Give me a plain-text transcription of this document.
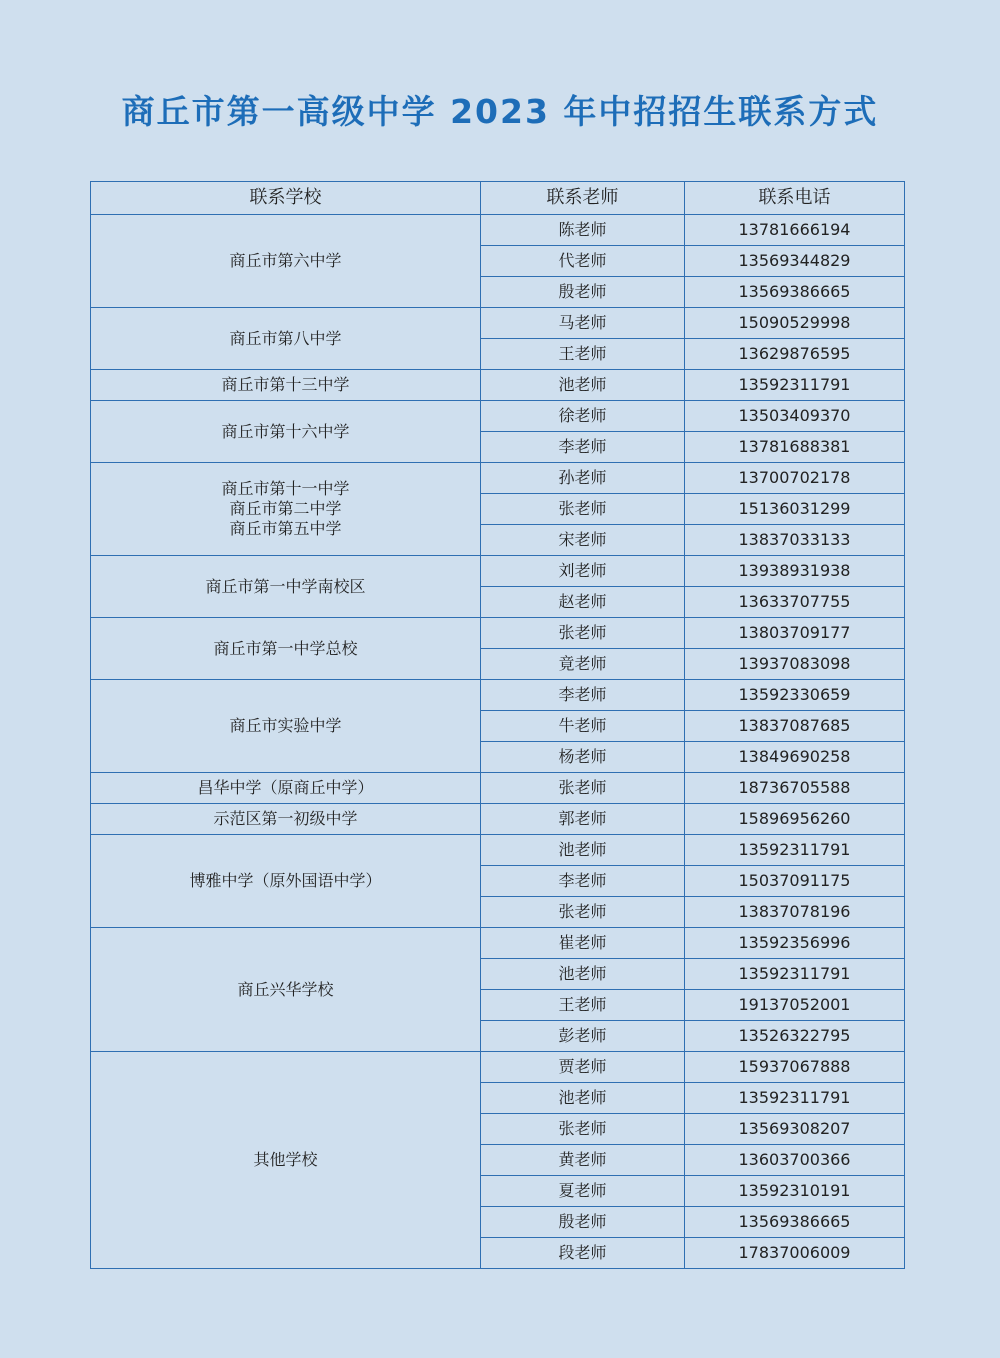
商丘市第一高级中学 2023 年中招招生联系方式
联系学校	联系老师	联系电话

商丘市第六中学	陈老师	13781666194
	代老师	13569344829
	殷老师	13569386665

商丘市第八中学	马老师	15090529998
	王老师	13629876595

商丘市第十三中学	池老师	13592311791

商丘市第十六中学	徐老师	13503409370
	李老师	13781688381

商丘市第十一中学
商丘市第二中学
商丘市第五中学	孙老师	13700702178
	张老师	15136031299
	宋老师	13837033133

商丘市第一中学南校区	刘老师	13938931938
	赵老师	13633707755

商丘市第一中学总校	张老师	13803709177
	竟老师	13937083098

商丘市实验中学	李老师	13592330659
	牛老师	13837087685
	杨老师	13849690258

昌华中学（原商丘中学）	张老师	18736705588

示范区第一初级中学	郭老师	15896956260

博雅中学（原外国语中学）	池老师	13592311791
	李老师	15037091175
	张老师	13837078196

商丘兴华学校	崔老师	13592356996
	池老师	13592311791
	王老师	19137052001
	彭老师	13526322795

其他学校	贾老师	15937067888
	池老师	13592311791
	张老师	13569308207
	黄老师	13603700366
	夏老师	13592310191
	殷老师	13569386665
	段老师	17837006009
